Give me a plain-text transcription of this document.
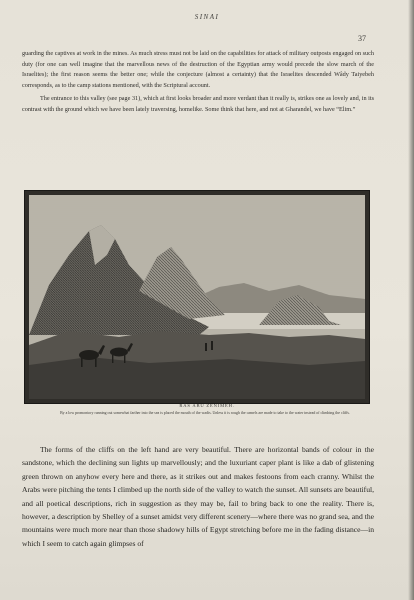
SINAI
37

guarding the captives at work in the mines. As much stress must not be laid on the capabilities for attack of military outposts engaged on such duty (for one can well imagine that the marvellous news of the destruction of the Egyptian army would precede the slow march of the Israelites); the first reason seems the better one; while the conjecture (almost a certainty) that the Israelites descended Wâdy Taiyebeh corresponds, as to the camp stations mentioned, with the Scriptural account.

The entrance to this valley (see page 31), which at first looks broader and more verdant than it really is, strikes one as lovely and, in its contrast with the ground which we have been lately traversing, homelike. Some think that here, and not at Gharandel, we have “Elim.”

RÂS ABU ZENIMEH.
By a low promontory running out somewhat farther into the sea is placed the mouth of the wadis. Unless it is rough the camels are made to take to the water instead of climbing the cliffs.

The forms of the cliffs on the left hand are very beautiful. There are horizontal bands of colour in the sandstone, which the declining sun lights up marvellously; and the luxuriant caper plant is like a dab of glistening green thrown on anyhow every here and there, as it strikes out and makes festoons from each cranny. Whilst the Arabs were pitching the tents I climbed up the north side of the valley to watch the sunset. All sunsets are beautiful, and all poetical descriptions, rich in suggestion as they may be, fail to bring back to one the reality. There is, however, a description by Shelley of a sunset amidst very different scenery—where there was no grand sea, and the mountains were much more near than those shadowy hills of Egypt stretching before me in the fading distance—in which I seem to catch again glimpses of
